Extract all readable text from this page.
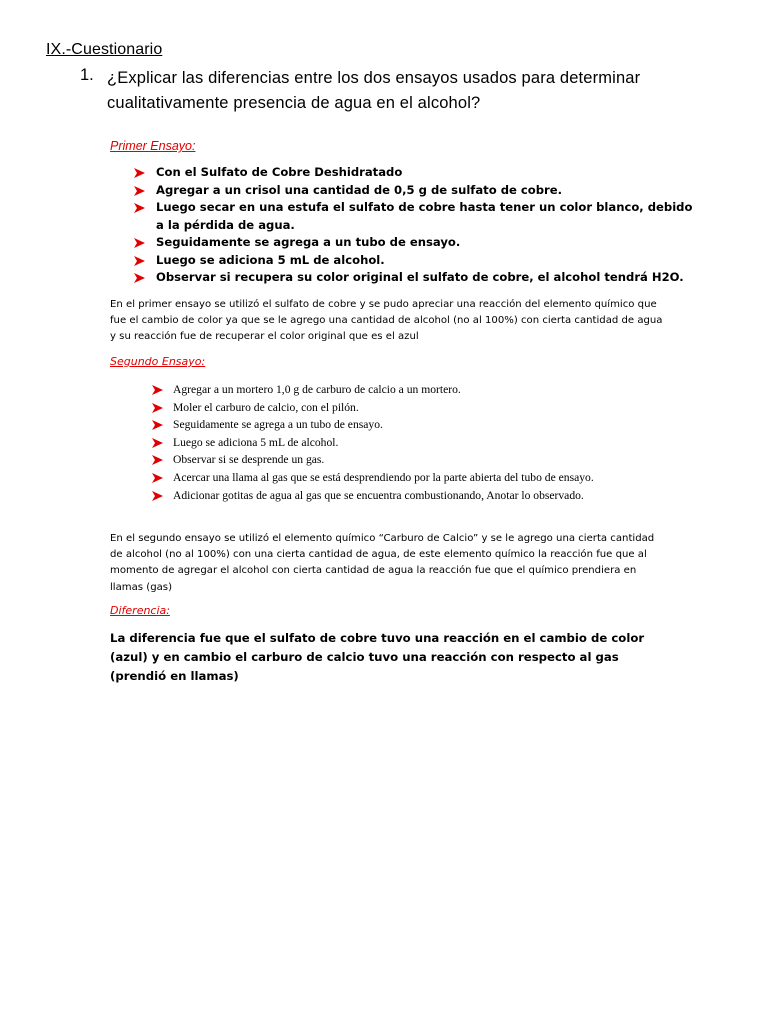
IX.-Cuestionario
1. ¿Explicar las diferencias entre los dos ensayos usados para determinar cualitativamente presencia de agua en el alcohol?
Primer Ensayo:
Con el Sulfato de Cobre Deshidratado
Agregar a un crisol una cantidad de 0,5 g de sulfato de cobre.
Luego secar en una estufa el sulfato de cobre hasta tener un color blanco, debido a la pérdida de agua.
Seguidamente se agrega a un tubo de ensayo.
Luego se adiciona 5 mL de alcohol.
Observar si recupera su color original el sulfato de cobre, el alcohol tendrá H2O.
En el primer ensayo se utilizó el sulfato de cobre y se pudo apreciar una reacción del elemento químico que fue el cambio de color ya que se le agrego una cantidad de alcohol (no al 100%) con cierta cantidad de agua y su reacción fue de recuperar el color original que es el azul
Segundo Ensayo:
Agregar a un mortero 1,0 g de carburo de calcio a un mortero.
Moler el carburo de calcio, con el pilón.
Seguidamente se agrega a un tubo de ensayo.
Luego se adiciona 5 mL de alcohol.
Observar si se desprende un gas.
Acercar una llama al gas que se está desprendiendo por la parte abierta del tubo de ensayo.
Adicionar gotitas de agua al gas que se encuentra combustionando, Anotar lo observado.
En el segundo ensayo se utilizó el elemento químico “Carburo de Calcio” y se le agrego una cierta cantidad de alcohol (no al 100%) con una cierta cantidad de agua, de este elemento químico la reacción fue que al momento de agregar el alcohol con cierta cantidad de agua la reacción fue que el químico prendiera en llamas (gas)
Diferencia:
La diferencia fue que el sulfato de cobre tuvo una reacción en el cambio de color (azul) y en cambio el carburo de calcio tuvo una reacción con respecto al gas (prendió en llamas)
